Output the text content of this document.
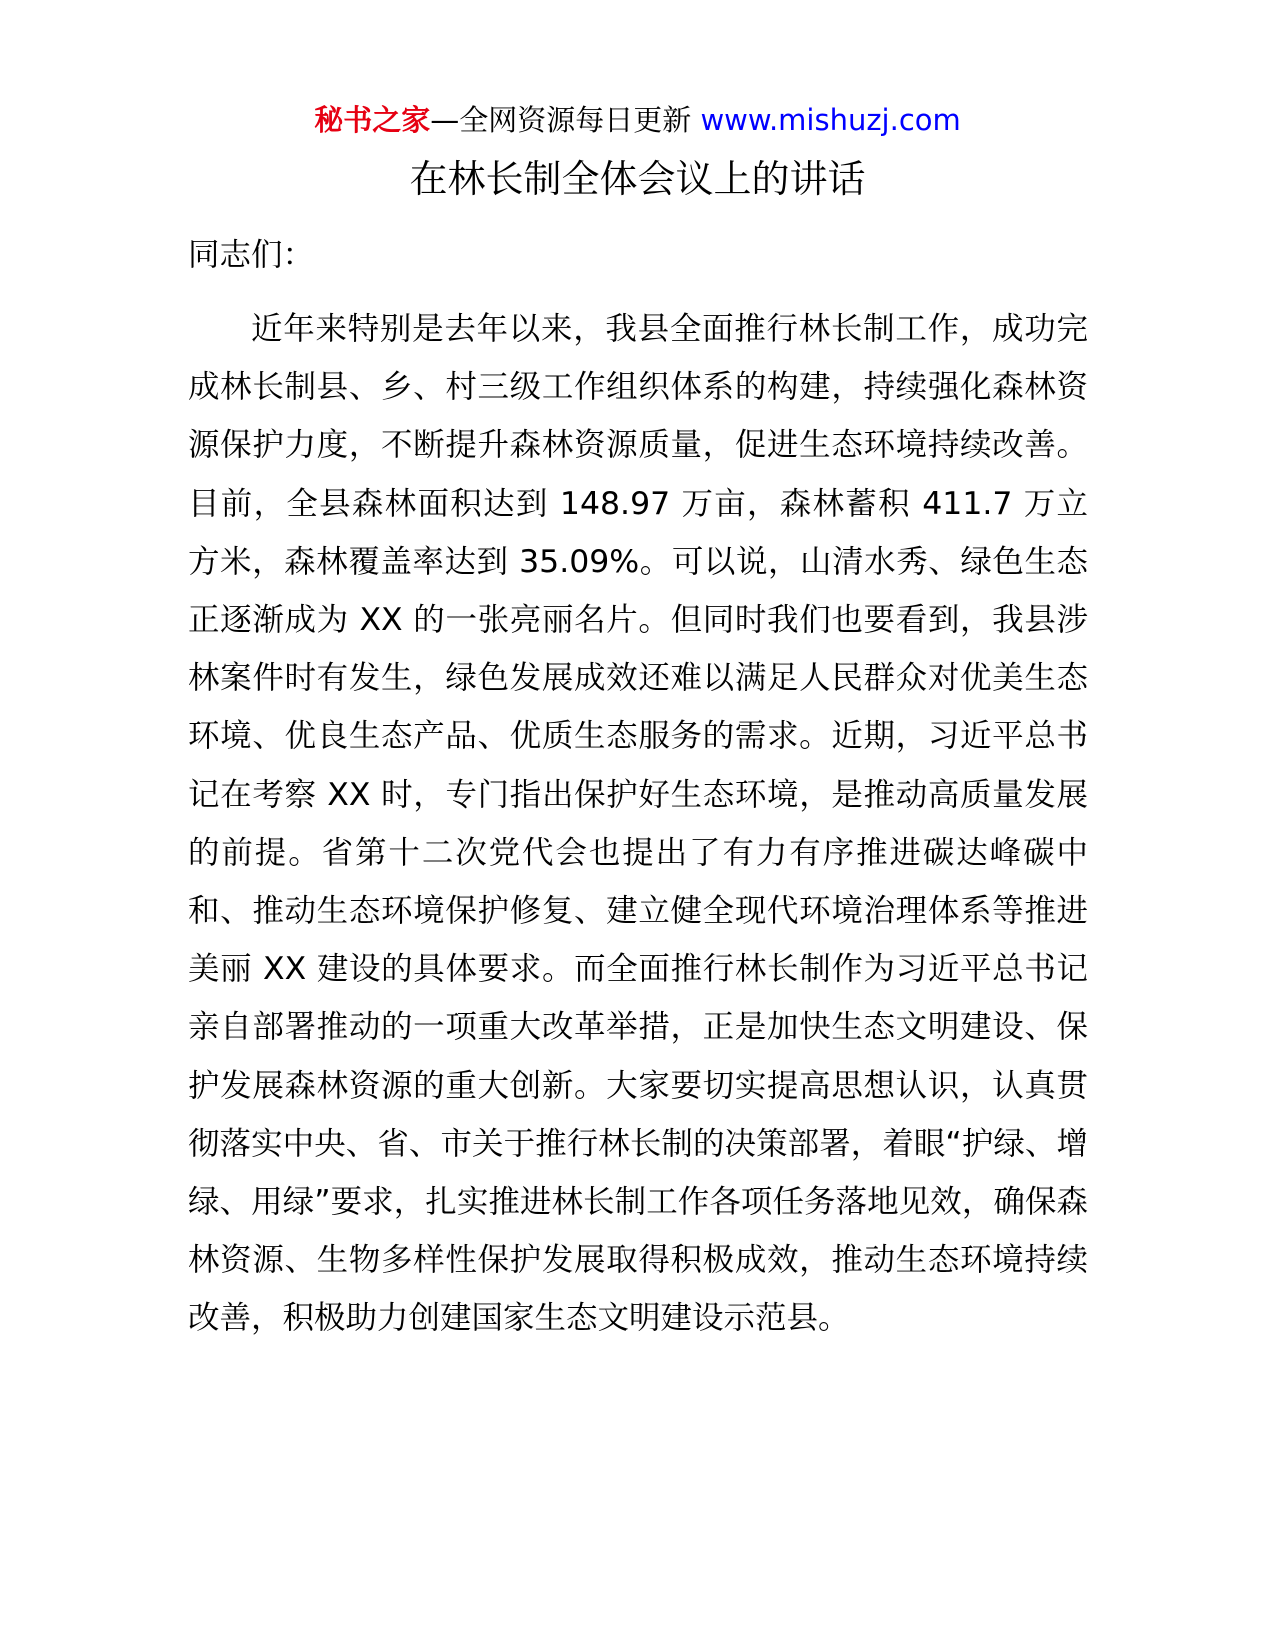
秘书之家—全网资源每日更新 www.mishuzj.com
在林长制全体会议上的讲话

同志们：

近年来特别是去年以来，我县全面推行林长制工作，成功完成林长制县、乡、村三级工作组织体系的构建，持续强化森林资源保护力度，不断提升森林资源质量，促进生态环境持续改善。目前，全县森林面积达到 148.97 万亩，森林蓄积 411.7 万立方米，森林覆盖率达到 35.09%。可以说，山清水秀、绿色生态正逐渐成为 XX 的一张亮丽名片。但同时我们也要看到，我县涉林案件时有发生，绿色发展成效还难以满足人民群众对优美生态环境、优良生态产品、优质生态服务的需求。近期，习近平总书记在考察 XX 时，专门指出保护好生态环境，是推动高质量发展的前提。省第十二次党代会也提出了有力有序推进碳达峰碳中和、推动生态环境保护修复、建立健全现代环境治理体系等推进美丽 XX 建设的具体要求。而全面推行林长制作为习近平总书记亲自部署推动的一项重大改革举措，正是加快生态文明建设、保护发展森林资源的重大创新。大家要切实提高思想认识，认真贯彻落实中央、省、市关于推行林长制的决策部署，着眼“护绿、增绿、用绿”要求，扎实推进林长制工作各项任务落地见效，确保森林资源、生物多样性保护发展取得积极成效，推动生态环境持续改善，积极助力创建国家生态文明建设示范县。
